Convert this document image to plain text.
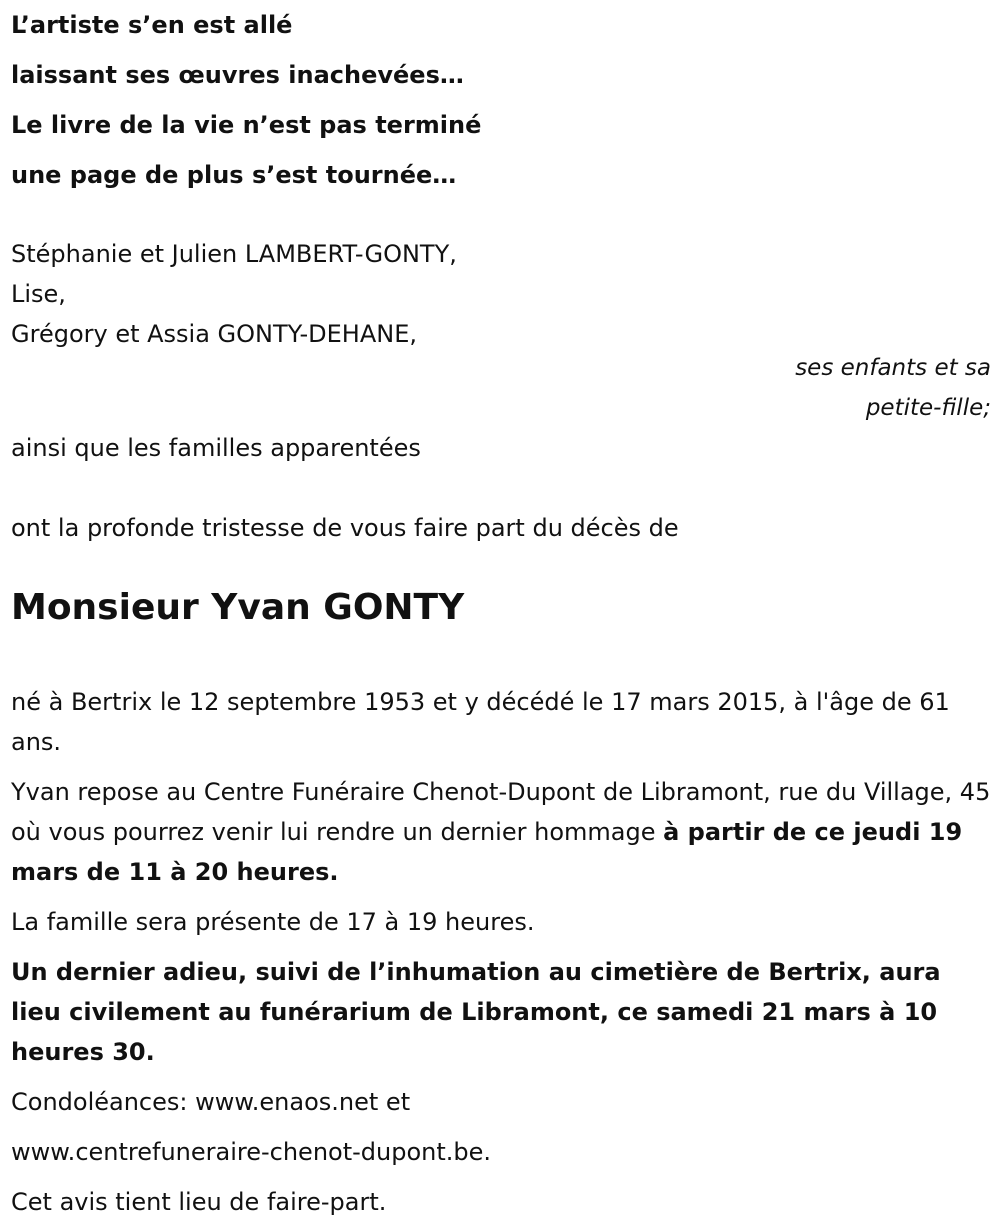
L’artiste s’en est allé
laissant ses œuvres inachevées…
Le livre de la vie n’est pas terminé
une page de plus s’est tournée…
Stéphanie et Julien LAMBERT-GONTY,
Lise,
Grégory et Assia GONTY-DEHANE,
ses enfants et sa
petite-fille;
ainsi que les familles apparentées
ont la profonde tristesse de vous faire part du décès de
Monsieur Yvan GONTY

né à Bertrix le 12 septembre 1953 et y décédé le 17 mars 2015, à l'âge de 61 ans.

Yvan repose au Centre Funéraire Chenot-Dupont de Libramont, rue du Village, 45 où vous pourrez venir lui rendre un dernier hommage à partir de ce jeudi 19 mars de 11 à 20 heures.

La famille sera présente de 17 à 19 heures.

Un dernier adieu, suivi de l’inhumation au cimetière de Bertrix, aura lieu civilement au funérarium de Libramont, ce samedi 21 mars à 10 heures 30.

Condoléances: www.enaos.net et

www.centrefuneraire-chenot-dupont.be.

Cet avis tient lieu de faire-part.
